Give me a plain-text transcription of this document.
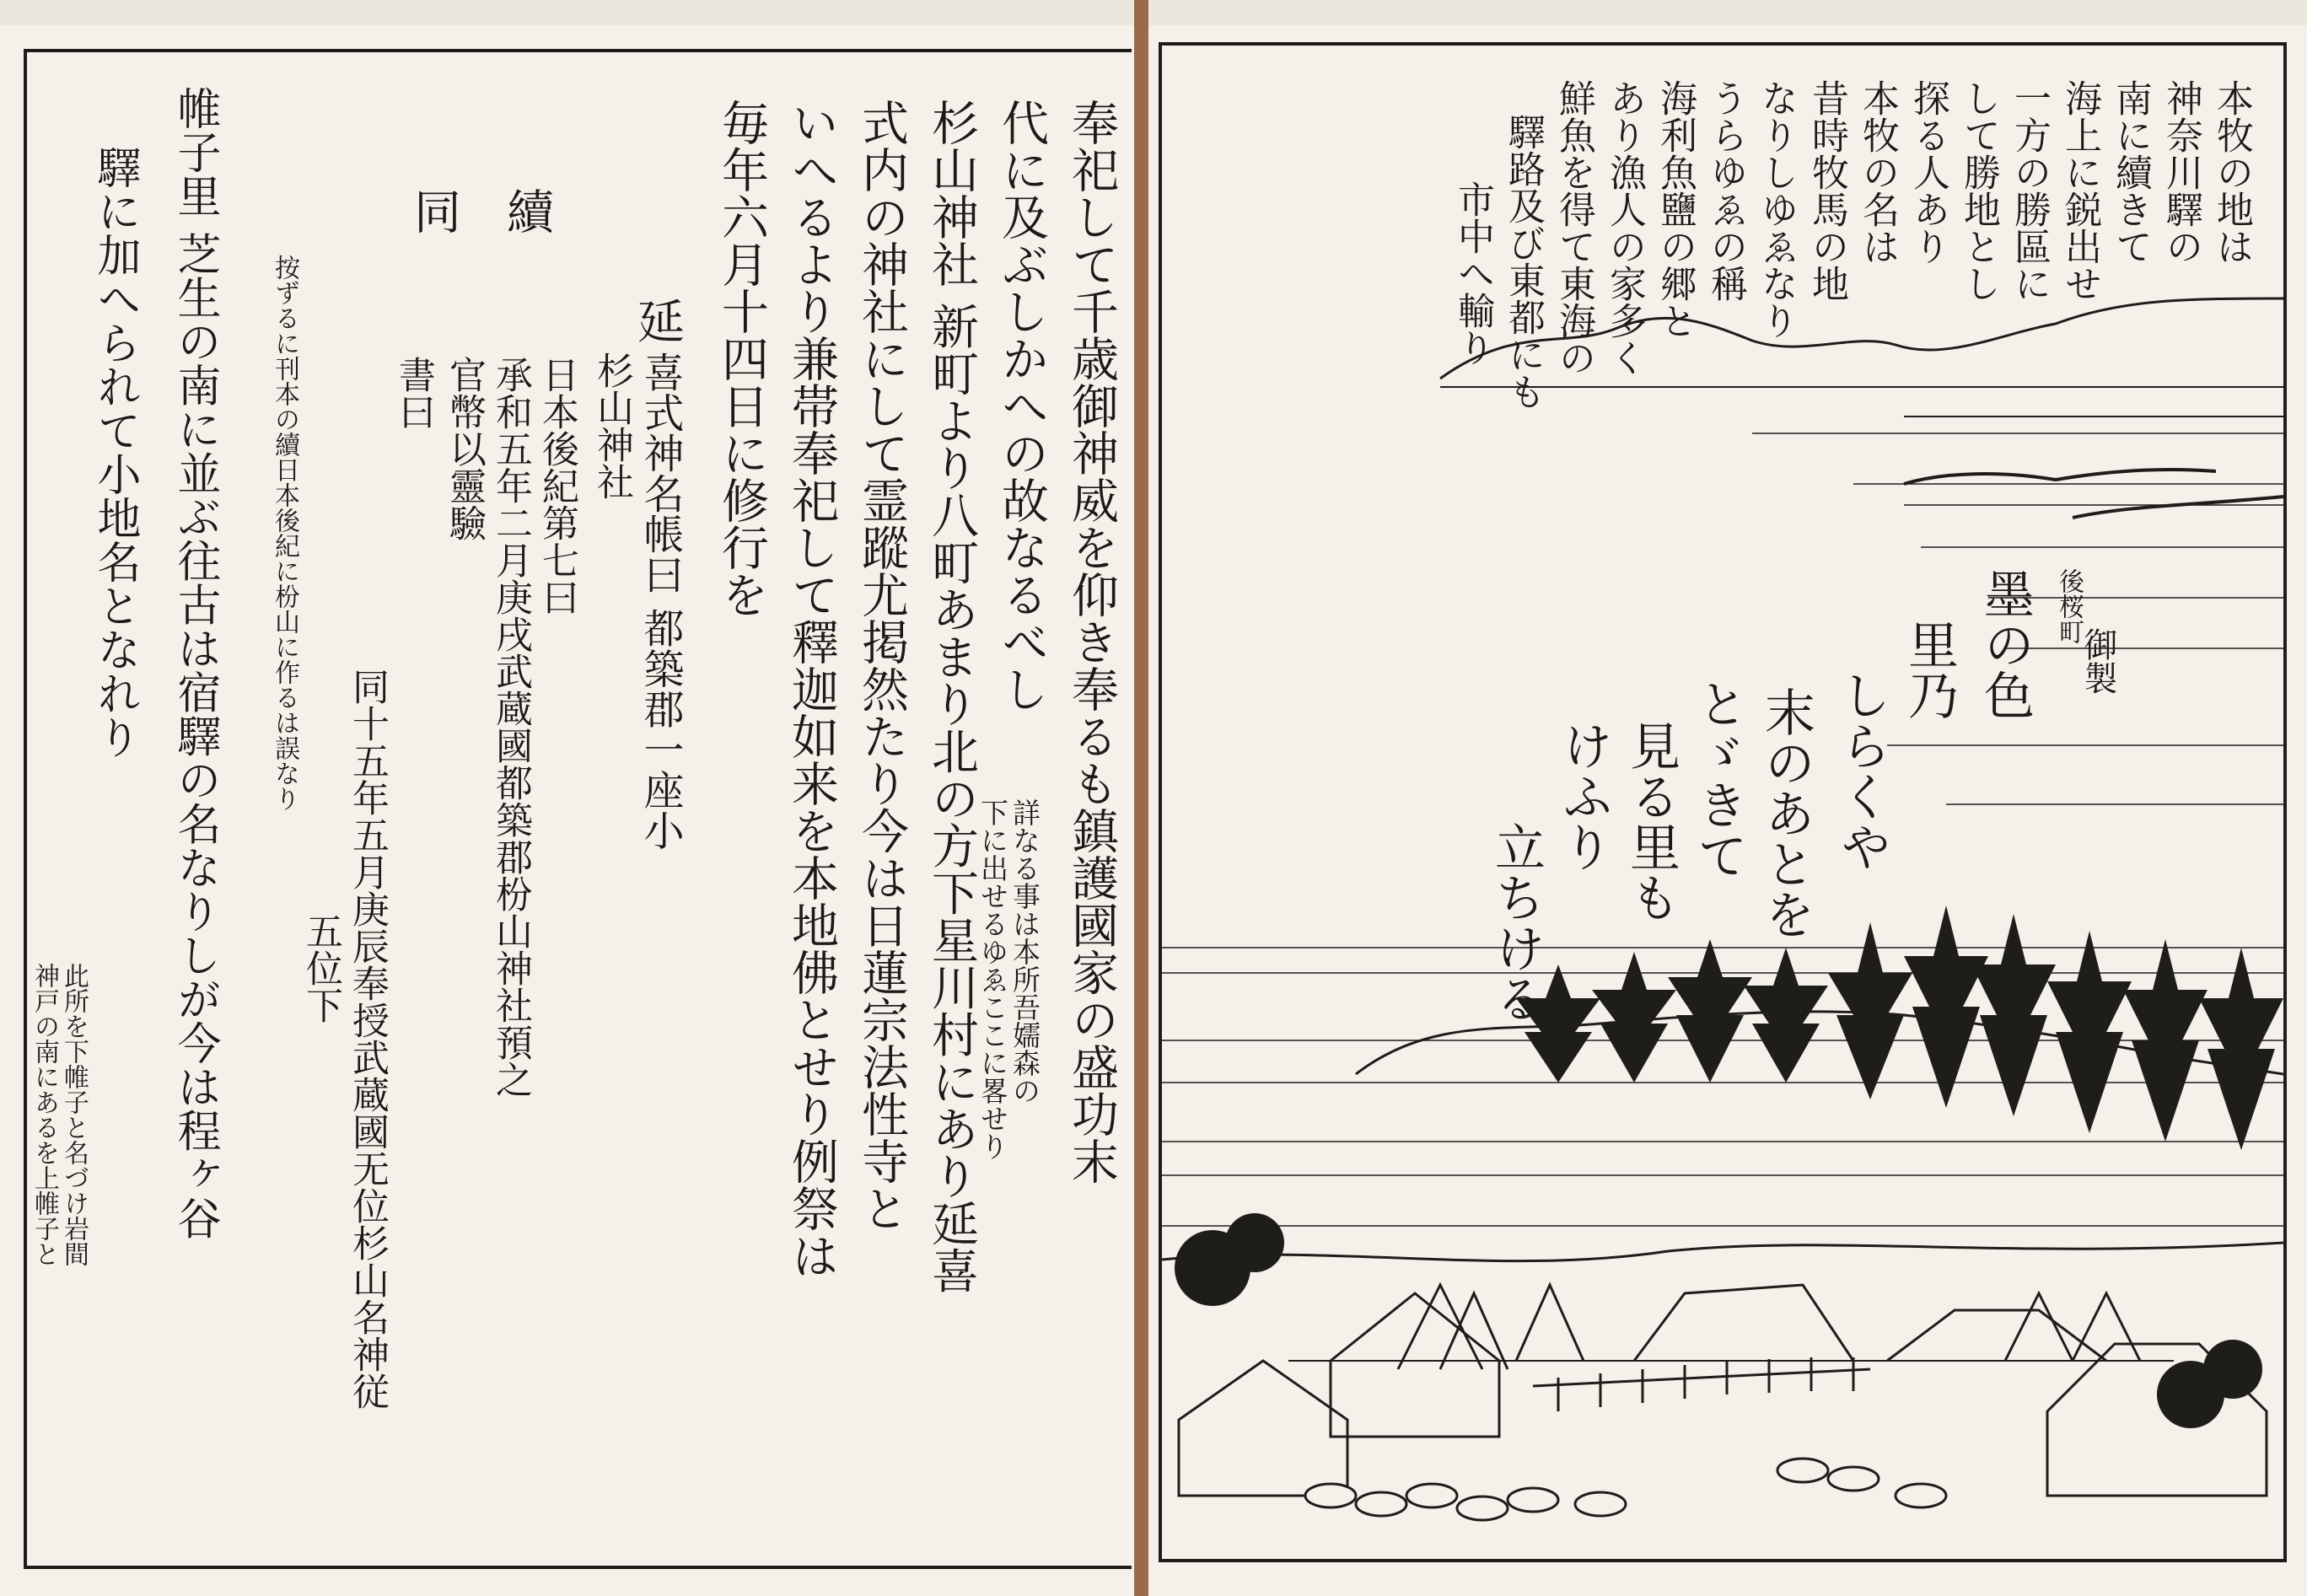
奉祀して千歳御神威を仰き奉るも鎮護國家の盛功末
代に及ぶしかへの故なるべし
杉山神社 新町より八町あまり北の方下星川村にあり延喜
式内の神社にして霊蹤尤掲然たり今は日蓮宗法性寺と
いへるより兼帯奉祀して釋迦如来を本地佛とせり例祭は
毎年六月十四日に修行を
詳なる事は本所吾嬬森の
下に出せるゆゑここに畧せり
延
喜式神名帳曰 都築郡一座小
杉山神社
續
日本後紀第七曰
承和五年二月庚戌武蔵國都築郡枌山神社預之
官幣以靈驗
同
書曰
同十五年五月庚辰奉授武蔵國无位杉山名神従
五位下
按ずるに刊本の續日本後紀に枌山に作るは誤なり
帷子里 芝生の南に並ぶ往古は宿驛の名なりしが今は程ヶ谷
驛に加へられて小地名となれり
此所を下帷子と名づけ岩間
神戸の南にあるを上帷子と
本牧の地は
神奈川驛の
南に續きて
海上に鋭出せ
一方の勝區に
して勝地とし
探る人あり
本牧の名は
昔時牧馬の地
なりしゆゑなり
うらゆゑの稱
海利魚鹽の郷と
あり漁人の家多く
鮮魚を得て東海の
驛路及び東都にも
市中へ輸り
後桜町
御製
墨の色
里乃
しらくや
末のあとを
とゞきて
見る里も
けふり
立ちける
